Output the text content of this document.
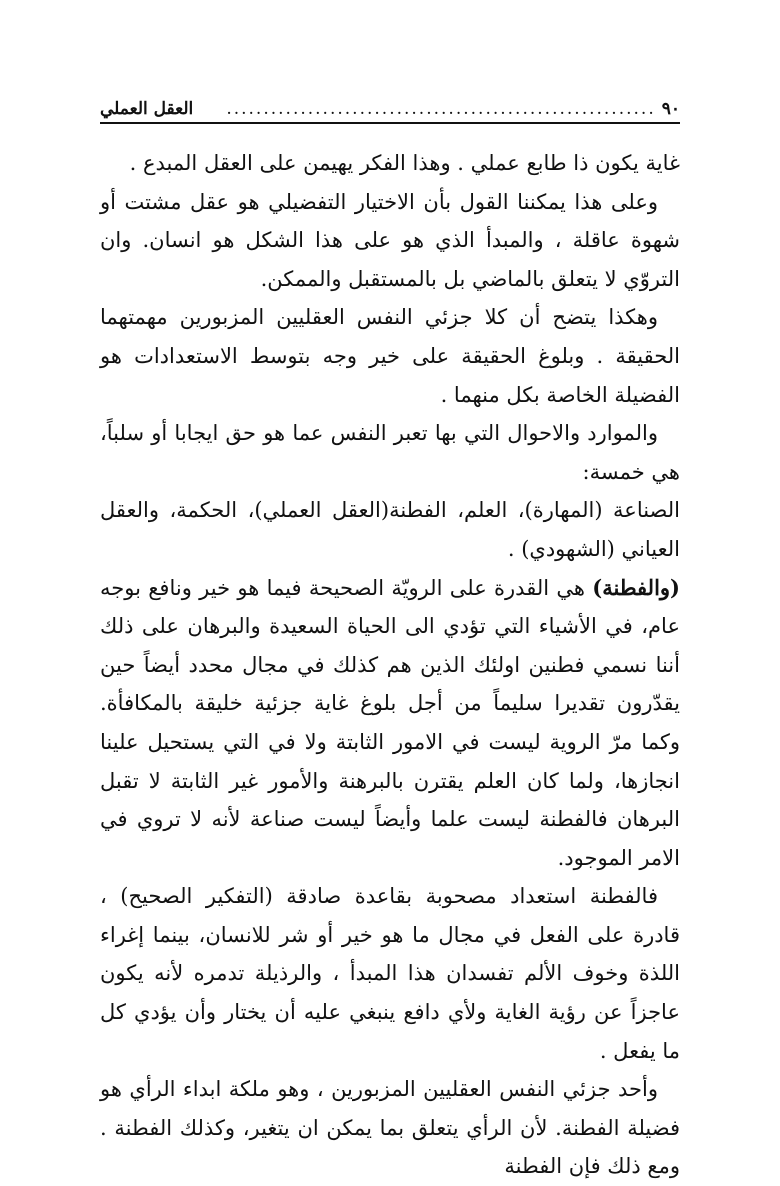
٩٠
..........................................................
العقل العملي

غاية يكون ذا طابع عملي . وهذا الفكر يهيمن على العقل المبدع .

وعلى هذا يمكننا القول بأن الاختيار التفضيلي هو عقل مشتت أو شهوة عاقلة ، والمبدأ الذي هو على هذا الشكل هو انسان. وان التروّي لا يتعلق بالماضي بل بالمستقبل والممكن.

وهكذا يتضح أن كلا جزئي النفس العقليين المزبورين مهمتهما الحقيقة . وبلوغ الحقيقة على خير وجه بتوسط الاستعدادات هو الفضيلة الخاصة بكل منهما .

والموارد والاحوال التي بها تعبر النفس عما هو حق ايجابا أو سلباً، هي خمسة:

الصناعة (المهارة)، العلم، الفطنة(العقل العملي)، الحكمة، والعقل العياني (الشهودي) .

(والفطنة) هي القدرة على الرويّة الصحيحة فيما هو خير ونافع بوجه عام، في الأشياء التي تؤدي الى الحياة السعيدة والبرهان على ذلك أننا نسمي فطنين اولئك الذين هم كذلك في مجال محدد أيضاً حين يقدّرون تقديرا سليماً من أجل بلوغ غاية جزئية خليقة بالمكافأة. وكما مرّ الروية ليست في الامور الثابتة ولا في التي يستحيل علينا انجازها، ولما كان العلم يقترن بالبرهنة والأمور غير الثابتة لا تقبل البرهان فالفطنة ليست علما وأيضاً ليست صناعة لأنه لا تروي في الامر الموجود.

فالفطنة استعداد مصحوبة بقاعدة صادقة (التفكير الصحيح) ، قادرة على الفعل في مجال ما هو خير أو شر للانسان، بينما إغراء اللذة وخوف الألم تفسدان هذا المبدأ ، والرذيلة تدمره لأنه يكون عاجزاً عن رؤية الغاية ولأي دافع ينبغي عليه أن يختار وأن يؤدي كل ما يفعل .

وأحد جزئي النفس العقليين المزبورين ، وهو ملكة ابداء الرأي هو فضيلة الفطنة. لأن الرأي يتعلق بما يمكن ان يتغير، وكذلك الفطنة . ومع ذلك فإن الفطنة
